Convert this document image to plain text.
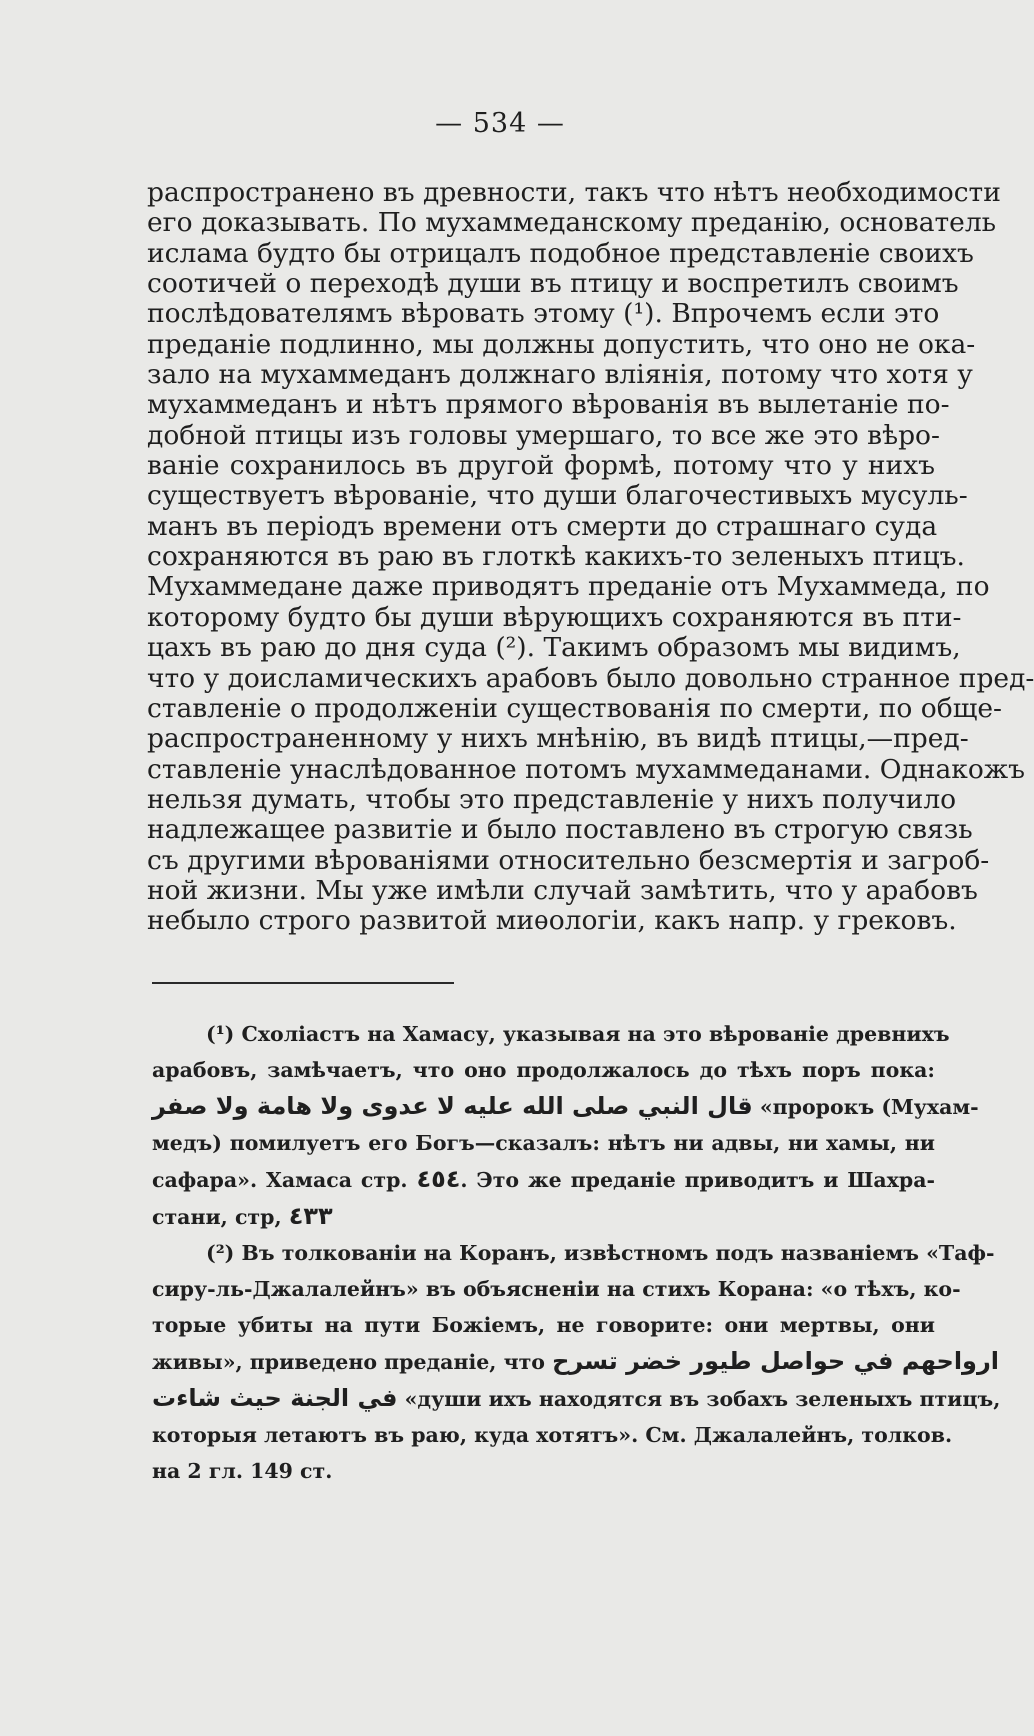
— 534 —
распространено въ древности, такъ что нѣтъ необходимости
его доказывать. По мухаммеданскому преданію, основатель
ислама будто бы отрицалъ подобное представленіе своихъ
соотичей о переходѣ души въ птицу и воспретилъ своимъ
послѣдователямъ вѣровать этому (¹). Впрочемъ если это
преданіе подлинно, мы должны допустить, что оно не ока-
зало на мухаммеданъ должнаго вліянія, потому что хотя у
мухаммеданъ и нѣтъ прямого вѣрованія въ вылетаніе по-
добной птицы изъ головы умершаго, то все же это вѣро-
ваніе сохранилось въ другой формѣ, потому что у нихъ
существуетъ вѣрованіе, что души благочестивыхъ мусуль-
манъ въ періодъ времени отъ смерти до страшнаго суда
сохраняются въ раю въ глоткѣ какихъ-то зеленыхъ птицъ.
Мухаммедане даже приводятъ преданіе отъ Мухаммеда, по
которому будто бы души вѣрующихъ сохраняются въ пти-
цахъ въ раю до дня суда (²). Такимъ образомъ мы видимъ,
что у доисламическихъ арабовъ было довольно странное пред-
ставленіе о продолженіи существованія по смерти, по обще-
распространенному у нихъ мнѣнію, въ видѣ птицы,—пред-
ставленіе унаслѣдованное потомъ мухаммеданами. Однакожъ
нельзя думать, чтобы это представленіе у нихъ получило
надлежащее развитіе и было поставлено въ строгую связь
съ другими вѣрованіями относительно безсмертія и загроб-
ной жизни. Мы уже имѣли случай замѣтить, что у арабовъ
небыло строго развитой миѳологіи, какъ напр. у грековъ.
(¹) Схоліастъ на Хамасу, указывая на это вѣрованіе древнихъ
арабовъ, замѣчаетъ, что оно продолжалось до тѣхъ поръ пока:
قال النبي صلى الله عليه لا عدوى ولا هامة ولا صفر «пророкъ (Мухам-
медъ) помилуетъ его Богъ—сказалъ: нѣтъ ни адвы, ни хамы, ни
сафара». Хамаса стр. ٤٥٤. Это же преданіе приводитъ и Шахра-
стани, стр, ٤٣٣
(²) Въ толкованіи на Коранъ, извѣстномъ подъ названіемъ «Таф-
сиру-ль-Джалалейнъ» въ объясненіи на стихъ Корана: «о тѣхъ, ко-
торые убиты на пути Божіемъ, не говорите: они мертвы, они
живы», приведено преданіе, что ارواحهم في حواصل طيور خضر تسرح
في الجنة حيث شاءت «души ихъ находятся въ зобахъ зеленыхъ птицъ,
которыя летаютъ въ раю, куда хотятъ». См. Джалалейнъ, толков.
на 2 гл. 149 ст.
